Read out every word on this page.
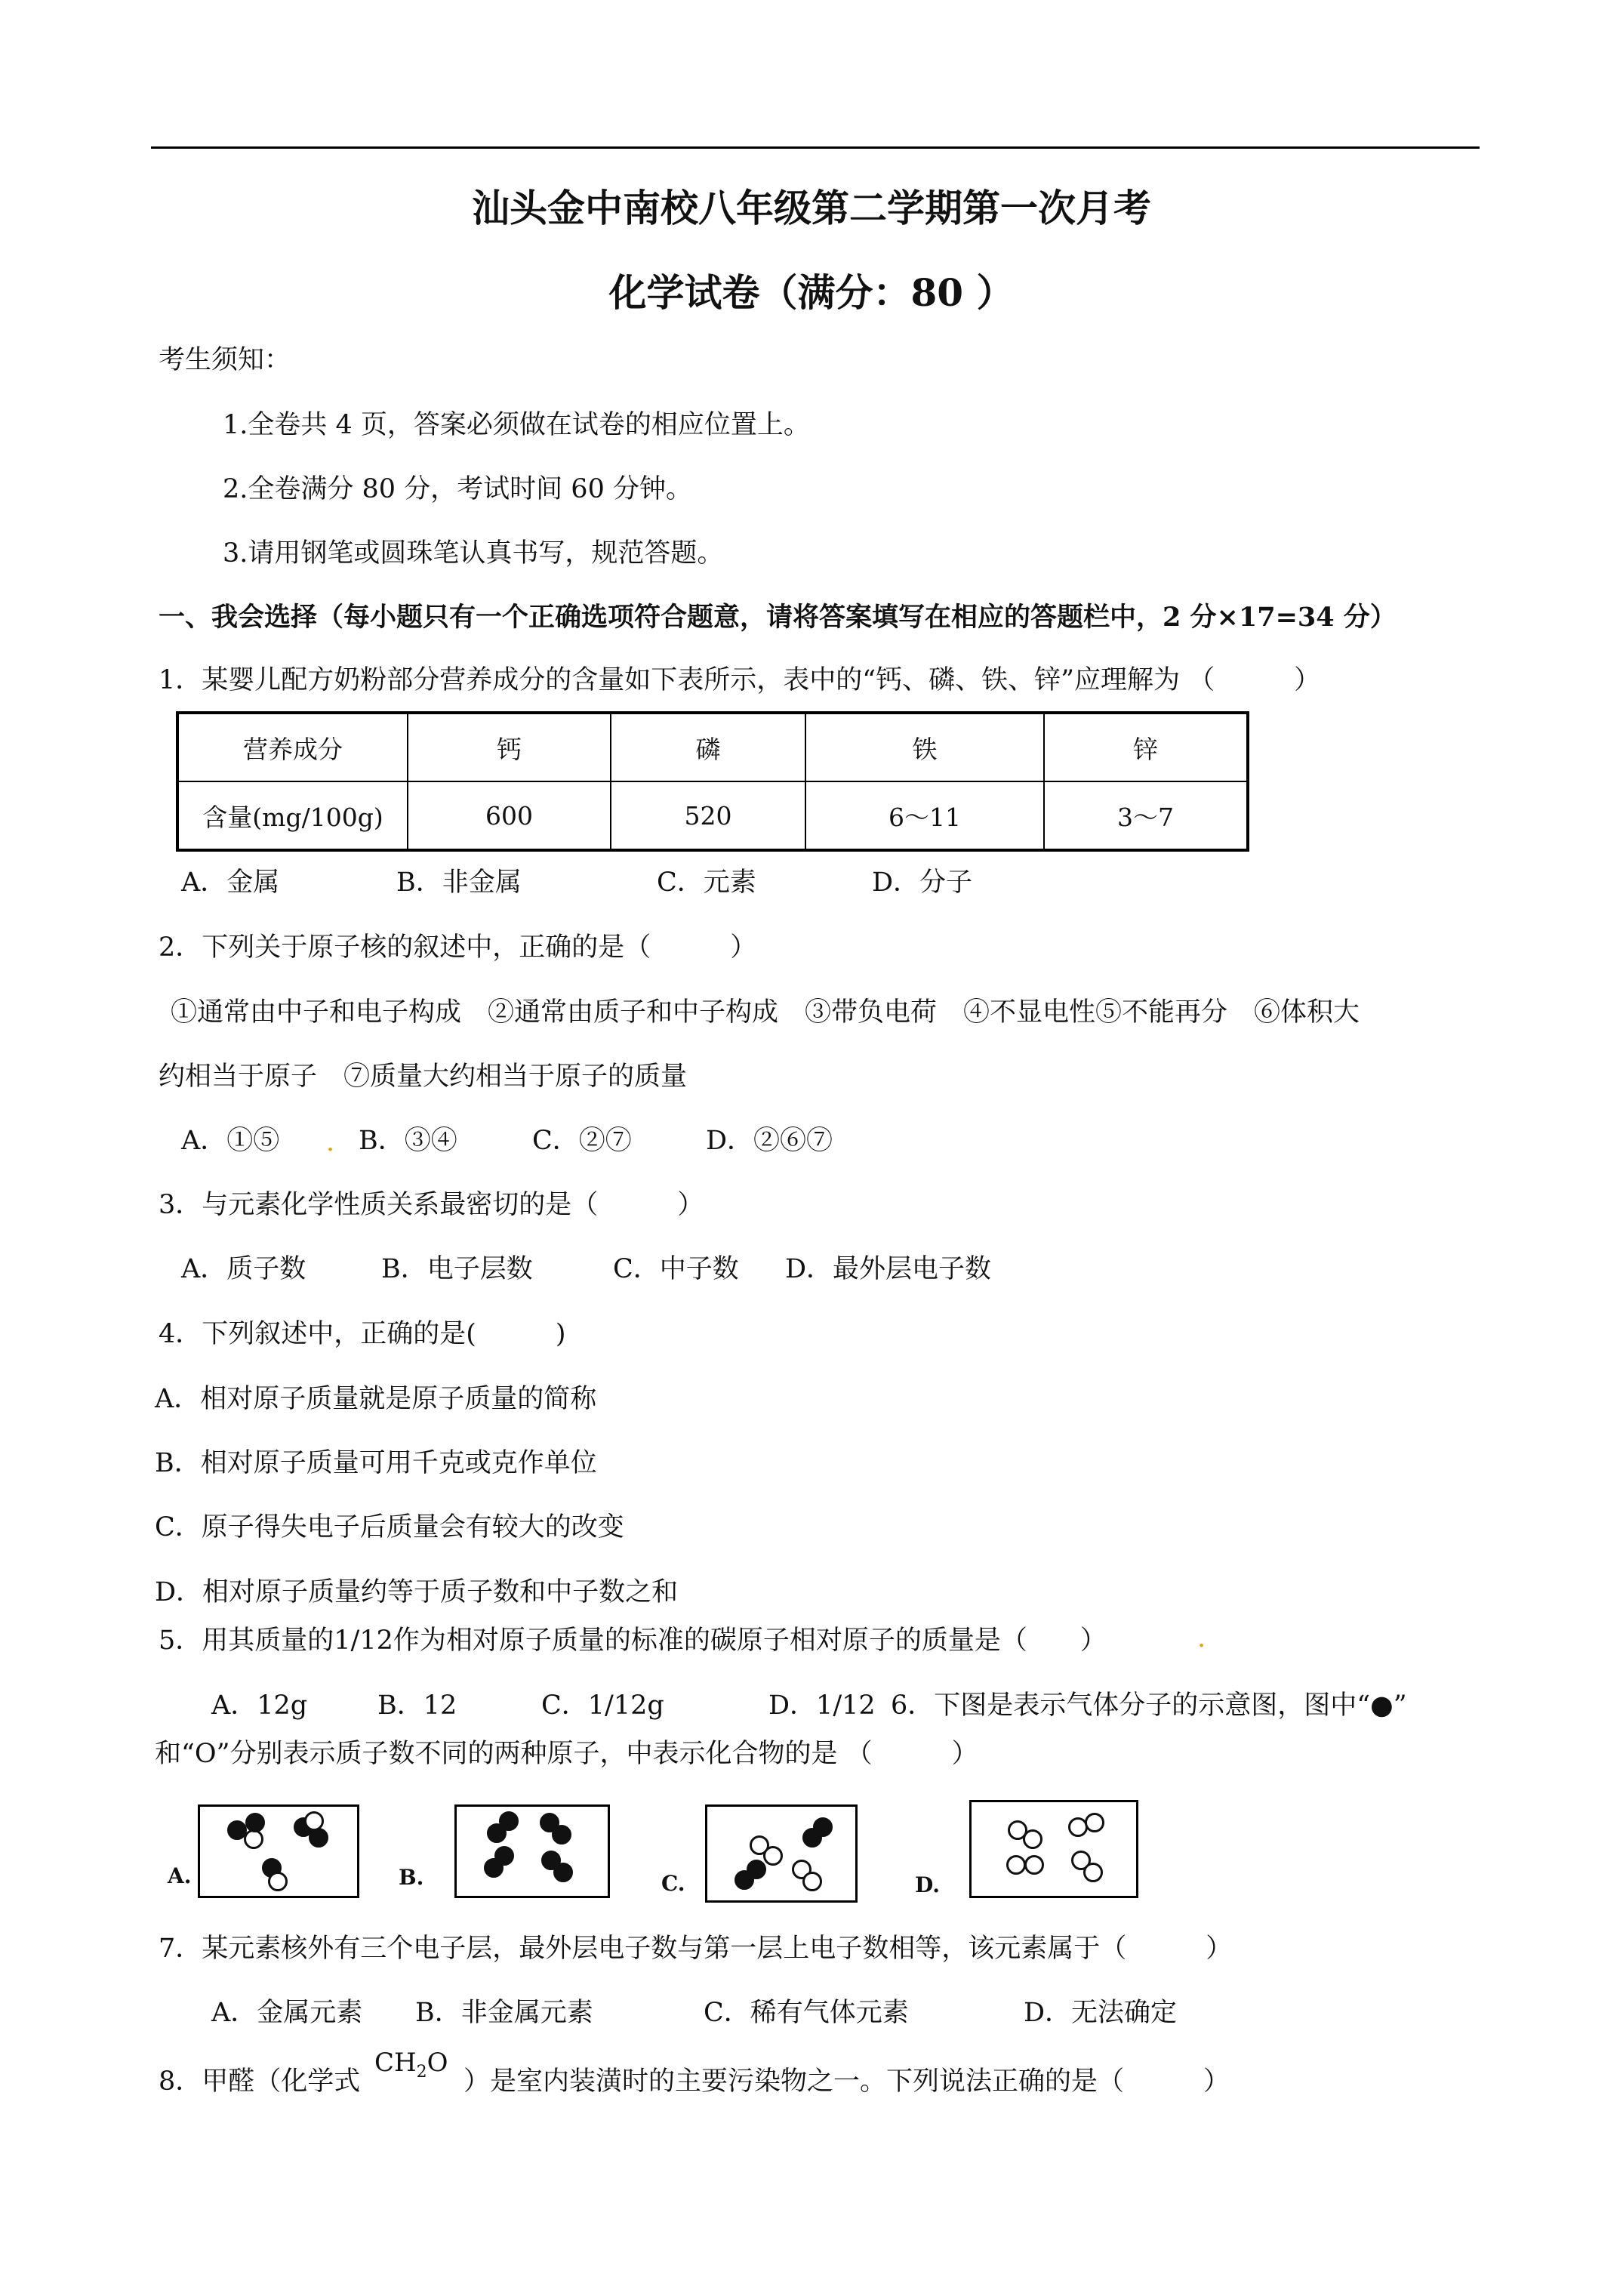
汕头金中南校八年级第二学期第一次月考
化学试卷（满分：80 ）
考生须知：
1.全卷共 4 页，答案必须做在试卷的相应位置上。
2.全卷满分 80 分，考试时间 60 分钟。
3.请用钢笔或圆珠笔认真书写，规范答题。
一、我会选择（每小题只有一个正确选项符合题意，请将答案填写在相应的答题栏中，2 分×17=34 分）
1．某婴儿配方奶粉部分营养成分的含量如下表所示，表中的“钙、磷、铁、锌”应理解为 （　　　）
营养成分	钙	磷	铁	锌
含量(mg/100g)	600	520	6～11	3～7
A．金属	B．非金属	C．元素	D．分子
2．下列关于原子核的叙述中，正确的是（　　　）
①通常由中子和电子构成　②通常由质子和中子构成　③带负电荷　④不显电性⑤不能再分　⑥体积大
约相当于原子　⑦质量大约相当于原子的质量
A．①⑤ . B．③④	C．②⑦	D．②⑥⑦
3．与元素化学性质关系最密切的是（　　　）
A．质子数	B．电子层数	C．中子数 D．最外层电子数
4．下列叙述中，正确的是(　　　)
A．相对原子质量就是原子质量的简称
B．相对原子质量可用千克或克作单位
C．原子得失电子后质量会有较大的改变
D．相对原子质量约等于质子数和中子数之和
5．用其质量的1/12作为相对原子质量的标准的碳原子相对原子的质量是（　　）	.
A．12g	B．12	C．1/12g	D．1/12 6．下图是表示气体分子的示意图，图中“●”
和“O”分别表示质子数不同的两种原子，中表示化合物的是 （　　　）
A.	B.	C.	D.
7．某元素核外有三个电子层，最外层电子数与第一层上电子数相等，该元素属于（　　　）
A．金属元素 B．非金属元素	C．稀有气体元素	D．无法确定
8．甲醛（化学式
$CH_2O$
）是室内装潢时的主要污染物之一。下列说法正确的是（　　　）
